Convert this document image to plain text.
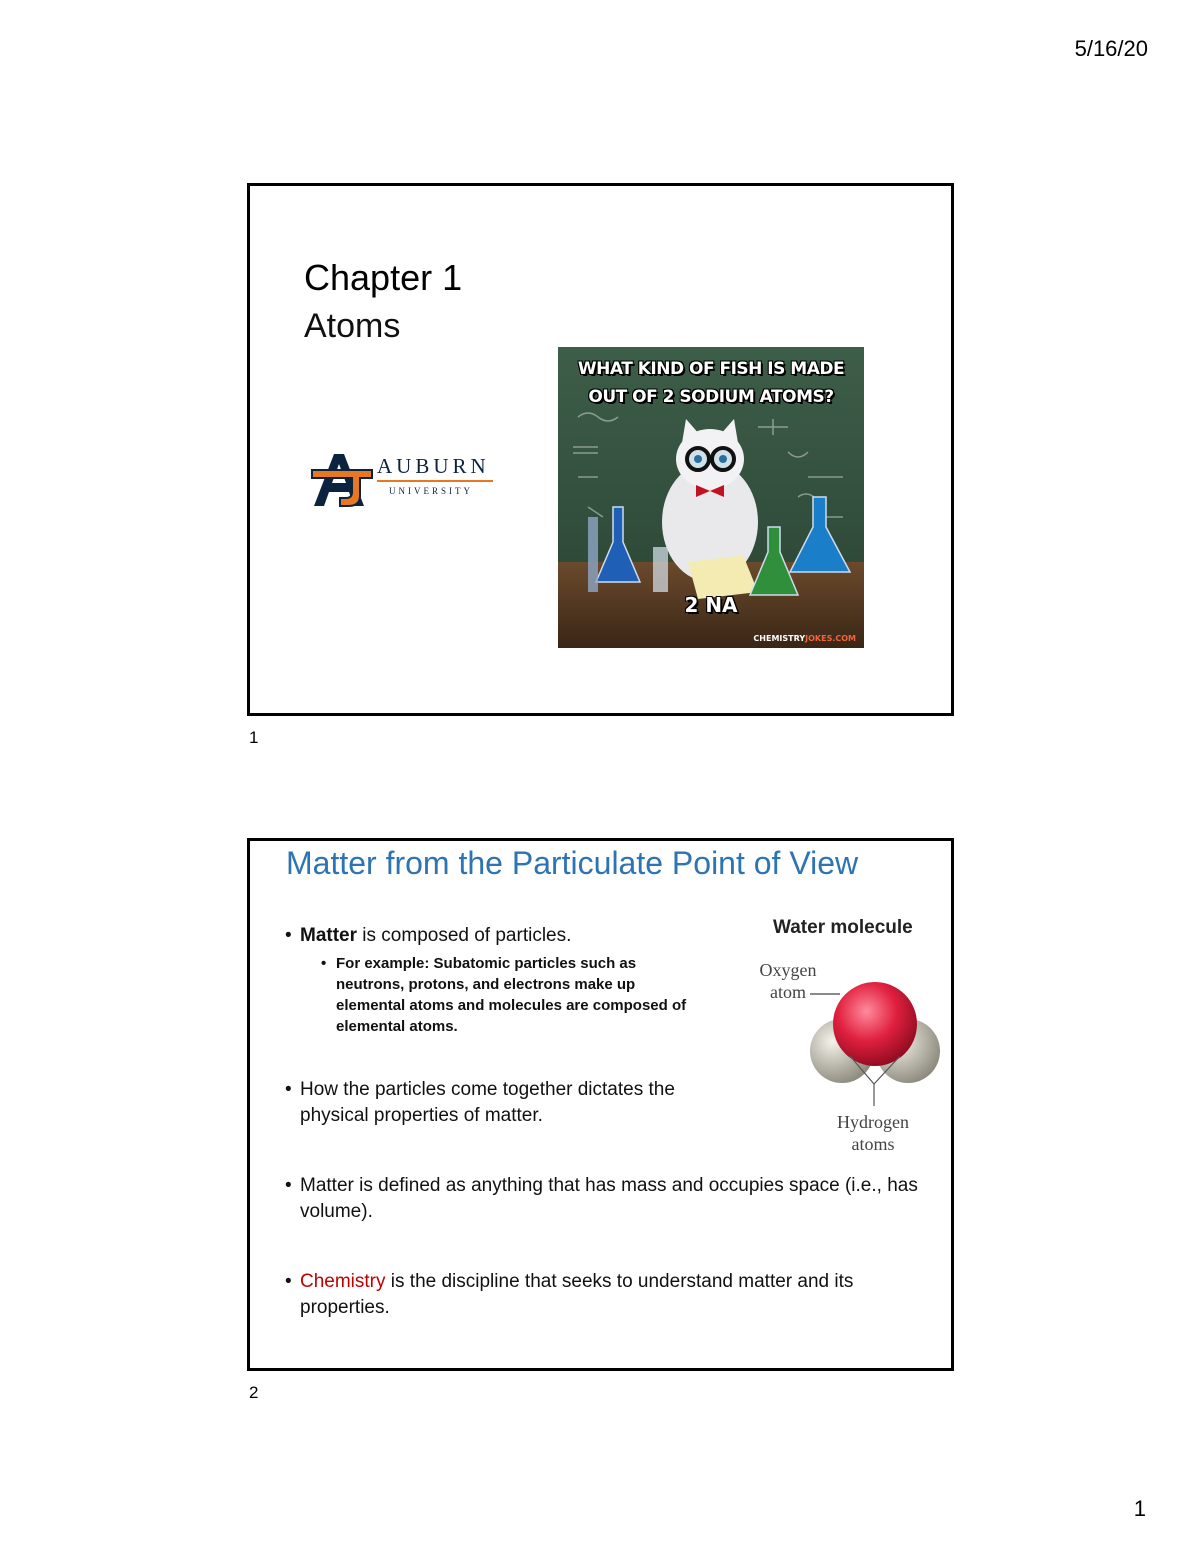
5/16/20
Chapter 1
Atoms
AUBURN
UNIVERSITY
WHAT KIND OF FISH IS MADE OUT OF 2 SODIUM ATOMS?
2 NA
CHEMISTRYJOKES.COM
1
Matter from the Particulate Point of View
• Matter is composed of particles.
• For example: Subatomic particles such as neutrons, protons, and electrons make up elemental atoms and molecules are composed of elemental atoms.
• How the particles come together dictates the physical properties of matter.
• Matter is defined as anything that has mass and occupies space (i.e., has volume).
• Chemistry is the discipline that seeks to understand matter and its properties.
Water molecule
Oxygen
atom
Hydrogen
atoms
2
1
